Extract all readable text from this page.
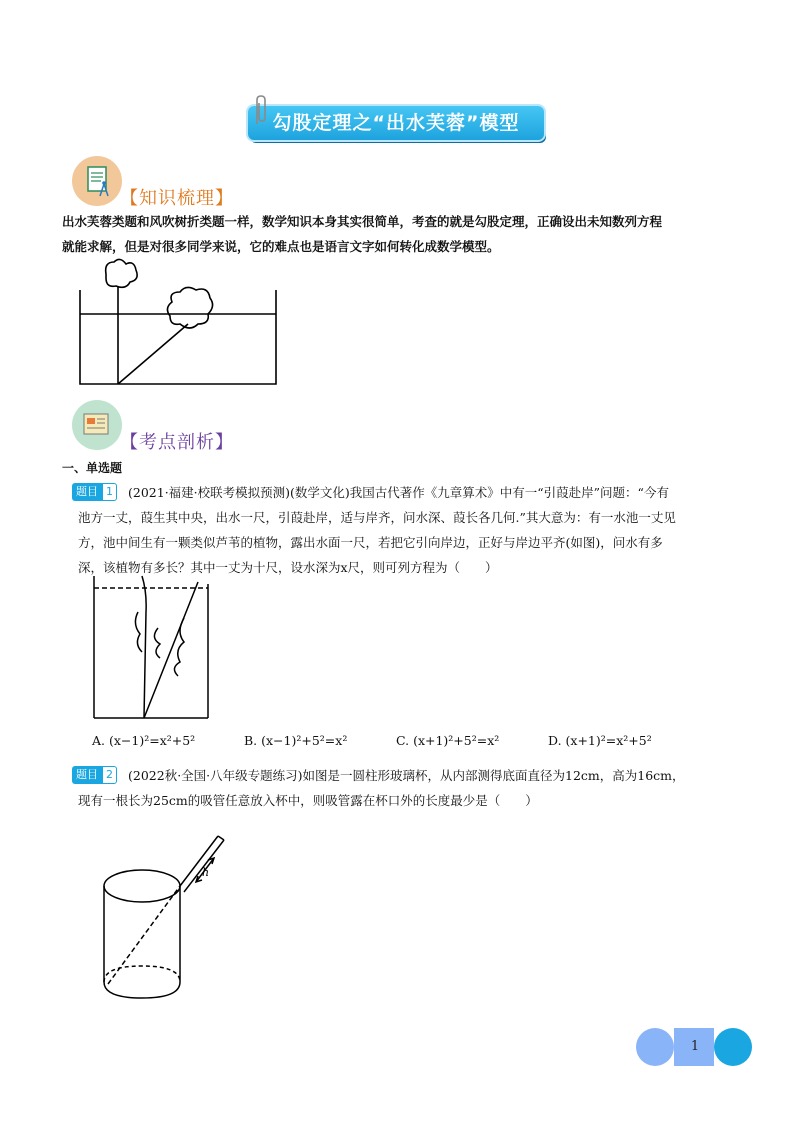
勾股定理之“出水芙蓉”模型
【知识梳理】
出水芙蓉类题和风吹树折类题一样，数学知识本身其实很简单，考查的就是勾股定理，正确设出未知数列方程
就能求解，但是对很多同学来说，它的难点也是语言文字如何转化成数学模型。
【考点剖析】
一、单选题
题目 1	(2021·福建·校联考模拟预测)(数学文化)我国古代著作《九章算术》中有一“引葭赴岸”问题：“今有
池方一丈，葭生其中央，出水一尺，引葭赴岸，适与岸齐，问水深、葭长各几何.”其大意为：有一水池一丈见
方，池中间生有一颗类似芦苇的植物，露出水面一尺，若把它引向岸边，正好与岸边平齐(如图)，问水有多
深，该植物有多长？其中一丈为十尺，设水深为x尺，则可列方程为（　　）
A. (x−1)²=x²+5²	B. (x−1)²+5²=x²	C. (x+1)²+5²=x²	D. (x+1)²=x²+5²
题目 2	(2022秋·全国·八年级专题练习)如图是一圆柱形玻璃杯，从内部测得底面直径为12cm，高为16cm，
现有一根长为25cm的吸管任意放入杯中，则吸管露在杯口外的长度最少是（　　）
h
1
